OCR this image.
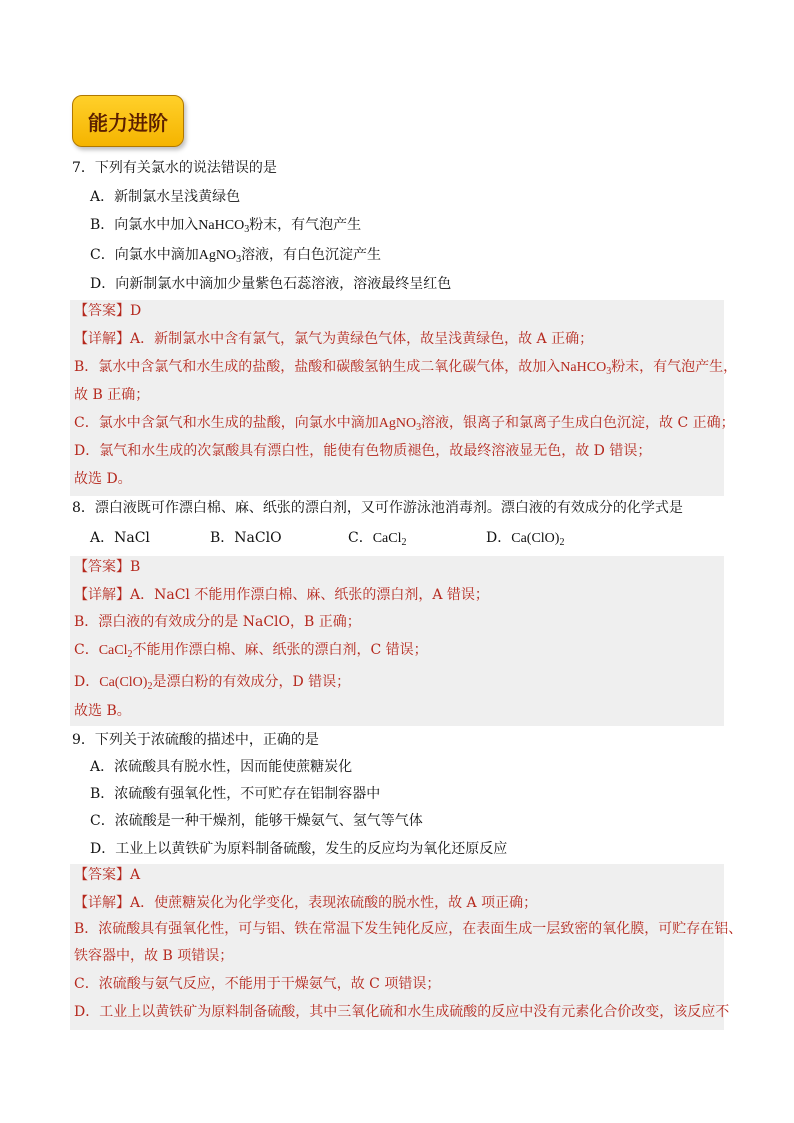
能力进阶
7．下列有关氯水的说法错误的是
A．新制氯水呈浅黄绿色
B．向氯水中加入NaHCO$_3$粉末，有气泡产生
C．向氯水中滴加AgNO$_3$溶液，有白色沉淀产生
D．向新制氯水中滴加少量紫色石蕊溶液，溶液最终呈红色
【答案】D
【详解】A．新制氯水中含有氯气，氯气为黄绿色气体，故呈浅黄绿色，故 A 正确；
B．氯水中含氯气和水生成的盐酸，盐酸和碳酸氢钠生成二氧化碳气体，故加入NaHCO$_3$粉末，有气泡产生，
故 B 正确；
C．氯水中含氯气和水生成的盐酸，向氯水中滴加AgNO$_3$溶液，银离子和氯离子生成白色沉淀，故 C 正确；
D．氯气和水生成的次氯酸具有漂白性，能使有色物质褪色，故最终溶液显无色，故 D 错误；
故选 D。
8．漂白液既可作漂白棉、麻、纸张的漂白剂，又可作游泳池消毒剂。漂白液的有效成分的化学式是
A．NaCl	B．NaClO	C．CaCl$_2$	D．$Ca(ClO)_2$
【答案】B
【详解】A．NaCl 不能用作漂白棉、麻、纸张的漂白剂，A 错误；
B．漂白液的有效成分的是 NaClO，B 正确；
C．CaCl$_2$不能用作漂白棉、麻、纸张的漂白剂，C 错误；
D．$Ca(ClO)_2$是漂白粉的有效成分，D 错误；
故选 B。
9．下列关于浓硫酸的描述中，正确的是
A．浓硫酸具有脱水性，因而能使蔗糖炭化
B．浓硫酸有强氧化性，不可贮存在铝制容器中
C．浓硫酸是一种干燥剂，能够干燥氨气、氢气等气体
D．工业上以黄铁矿为原料制备硫酸，发生的反应均为氧化还原反应
【答案】A
【详解】A．使蔗糖炭化为化学变化，表现浓硫酸的脱水性，故 A 项正确；
B．浓硫酸具有强氧化性，可与铝、铁在常温下发生钝化反应，在表面生成一层致密的氧化膜，可贮存在铝、
铁容器中，故 B 项错误；
C．浓硫酸与氨气反应，不能用于干燥氨气，故 C 项错误；
D．工业上以黄铁矿为原料制备硫酸，其中三氧化硫和水生成硫酸的反应中没有元素化合价改变，该反应不
